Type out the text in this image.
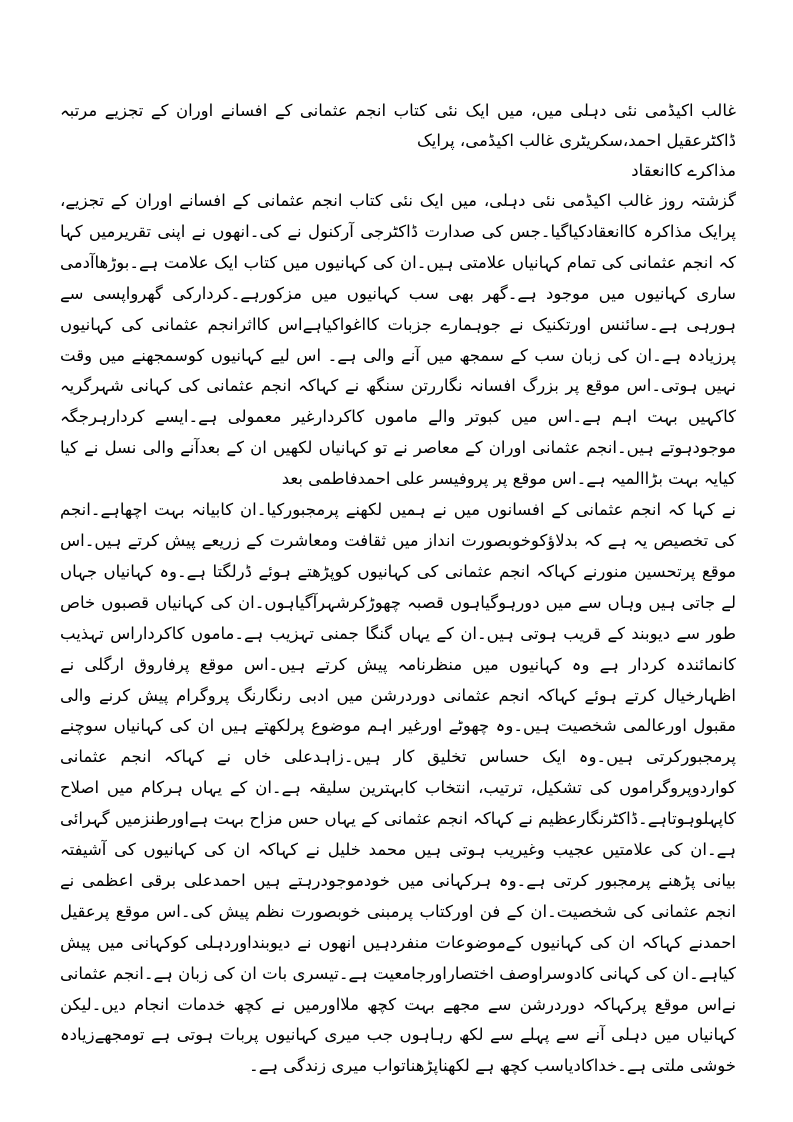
غالب اکیڈمی نئی دہلی میں، میں ایک نئی کتاب انجم عثمانی کے افسانے اوران کے تجزیے مرتبہ ڈاکٹرعقیل احمد،سکریٹری غالب اکیڈمی، پرایک
مذاکرے کاانعقاد

گزشتہ روز غالب اکیڈمی نئی دہلی، میں ایک نئی کتاب انجم عثمانی کے افسانے اوران کے تجزیے، پرایک مذاکرہ کاانعقادکیاگیا۔جس کی صدارت ڈاکٹرجی آرکنول نے کی۔انھوں نے اپنی تقریرمیں کہا کہ انجم عثمانی کی تمام کہانیاں علامتی ہیں۔ان کی کہانیوں میں کتاب ایک علامت ہے۔بوڑھاآدمی ساری کہانیوں میں موجود ہے۔گھر بھی سب کہانیوں میں مزکورہے۔کردارکی گھرواپسی سے ہورہی ہے۔سائنس اورتکنیک نے جوہمارے جزبات کااغواکیاہےاس کااثرانجم عثمانی کی کہانیوں پرزیادہ ہے۔ان کی زبان سب کے سمجھ میں آنے والی ہے۔ اس لیے کہانیوں کوسمجھنے میں وقت نہیں ہوتی۔اس موقع پر بزرگ افسانہ نگاررتن سنگھ نے کہاکہ انجم عثمانی کی کہانی شہرگریہ کاکہیں بہت اہم ہے۔اس میں کبوتر والے ماموں کاکردارغیر معمولی ہے۔ایسے کردارہرجگہ موجودہوتے ہیں۔انجم عثمانی اوران کے معاصر نے تو کہانیاں لکھیں ان کے بعدآنے والی نسل نے کیا کیایہ بہت بڑاالمیہ ہے۔اس موقع پر پروفیسر علی احمدفاطمی بعد

نے کہا کہ انجم عثمانی کے افسانوں میں نے ہمیں لکھنے پرمجبورکیا۔ان کابیانہ بہت اچھاہے۔انجم کی تخصیص یہ ہے کہ بدلاؤکوخوبصورت انداز میں ثقافت ومعاشرت کے زریعے پیش کرتے ہیں۔اس موقع پرتحسین منورنے کہاکہ انجم عثمانی کی کہانیوں کوپڑھتے ہوئے ڈرلگتا ہے۔وہ کہانیاں جہاں لے جاتی ہیں وہاں سے میں دورہوگیاہوں قصبہ چھوڑکرشہرآگیاہوں۔ان کی کہانیاں قصبوں خاص طور سے دیوبند کے قریب ہوتی ہیں۔ان کے یہاں گنگا جمنی تہزیب ہے۔ماموں کاکرداراس تہذیب کانمائندہ کردار ہے وہ کہانیوں میں منظرنامہ پیش کرتے ہیں۔اس موقع پرفاروق ارگلی نے اظہارخیال کرتے ہوئے کہاکہ انجم عثمانی دوردرشن میں ادبی رنگارنگ پروگرام پیش کرنے والی مقبول اورعالمی شخصیت ہیں۔وہ چھوٹے اورغیر اہم موضوع پرلکھتے ہیں ان کی کہانیاں سوچنے پرمجبورکرتی ہیں۔وہ ایک حساس تخلیق کار ہیں۔زاہدعلی خاں نے کہاکہ انجم عثمانی کواردوپروگراموں کی تشکیل، ترتیب، انتخاب کابہترین سلیقہ ہے۔ان کے یہاں ہرکام میں اصلاح کاپہلوہوتاہے۔ڈاکٹرنگارعظیم نے کہاکہ انجم عثمانی کے یہاں حس مزاح بہت ہےاورطنزمیں گہرائی ہے۔ان کی علامتیں عجیب وغیریب ہوتی ہیں محمد خلیل نے کہاکہ ان کی کہانیوں کی آشیفتہ بیانی پڑھنے پرمجبور کرتی ہے۔وہ ہرکہانی میں خودموجودرہتے ہیں احمدعلی برقی اعظمی نے انجم عثمانی کی شخصیت۔ان کے فن اورکتاب پرمبنی خوبصورت نظم پیش کی۔اس موقع پرعقیل احمدنے کہاکہ ان کی کہانیوں کےموضوعات منفردہیں انھوں نے دیوبنداوردہلی کوکہانی میں پیش کیاہے۔ان کی کہانی کادوسراوصف اختصاراورجامعیت ہے۔تیسری بات ان کی زبان ہے۔انجم عثمانی نےاس موقع پرکہاکہ دوردرشن سے مجھے بہت کچھ ملااورمیں نے کچھ خدمات انجام دیں۔لیکن کہانیاں میں دہلی آنے سے پہلے سے لکھ رہاہوں جب میری کہانیوں پربات ہوتی ہے تومجھےزیادہ خوشی ملتی ہے۔خداکادیاسب کچھ ہے لکھناپڑھناتواب میری زندگی ہے۔
